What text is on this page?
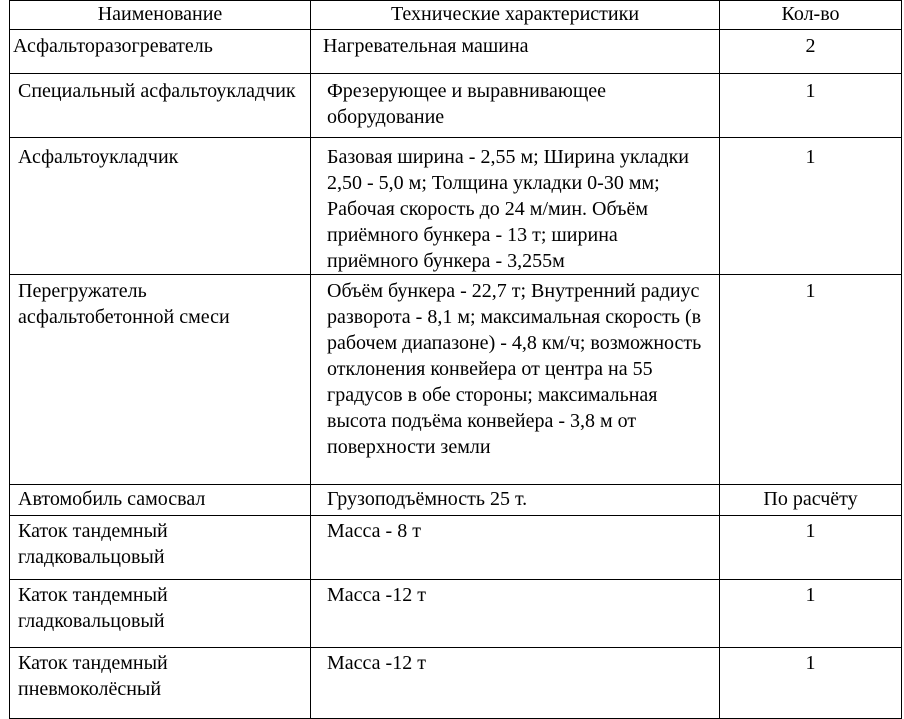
Наименование	Технические характеристики	Кол-во

Асфальторазогреватель	Нагревательная машина	2

Специальный асфальтоукладчик	Фрезерующее и выравнивающее оборудование	1

Асфальтоукладчик	Базовая ширина - 2,55 м; Ширина укладки 2,50 - 5,0 м; Толщина укладки 0-30 мм; Рабочая скорость до 24 м/мин. Объём приёмного бункера - 13 т; ширина приёмного бункера - 3,255м	1

Перегружатель асфальтобетонной смеси	Объём бункера - 22,7 т; Внутренний радиус разворота - 8,1 м; максимальная скорость (в рабочем диапазоне) - 4,8 км/ч; возможность отклонения конвейера от центра на 55 градусов в обе стороны; максимальная высота подъёма конвейера - 3,8 м от поверхности земли	1

Автомобиль самосвал	Грузоподъёмность 25 т.	По расчёту

Каток тандемный гладковальцовый	Масса - 8 т	1

Каток тандемный гладковальцовый	Масса -12 т	1

Каток тандемный пневмоколёсный	Масса -12 т	1
